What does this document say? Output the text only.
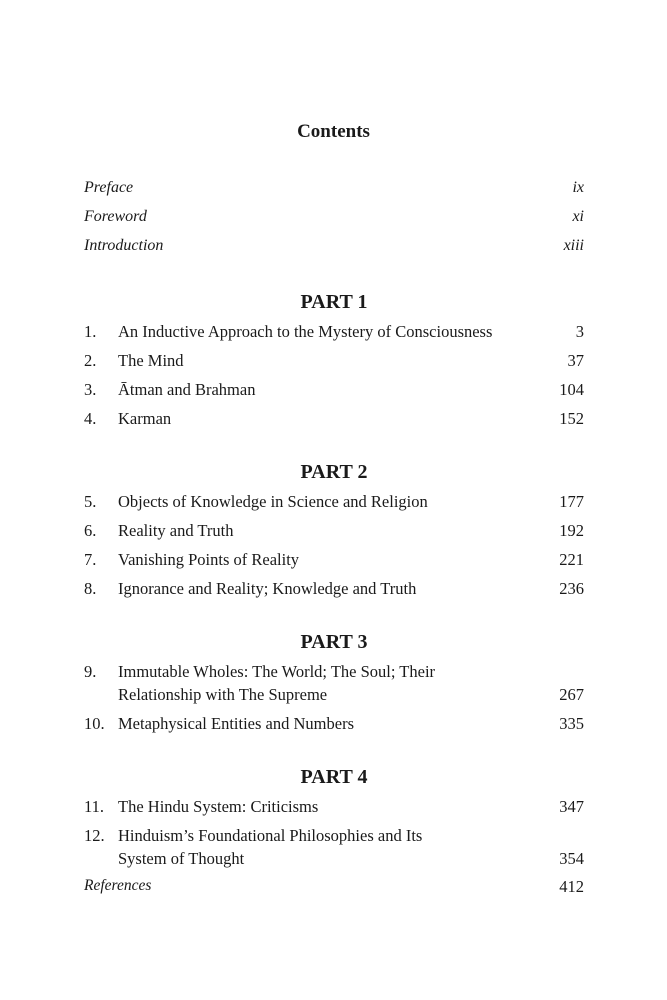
Contents
Preface	ix
Foreword	xi
Introduction	xiii
PART 1
1. An Inductive Approach to the Mystery of Consciousness	3
2. The Mind	37
3. Ātman and Brahman	104
4. Karman	152
PART 2
5. Objects of Knowledge in Science and Religion	177
6. Reality and Truth	192
7. Vanishing Points of Reality	221
8. Ignorance and Reality; Knowledge and Truth	236
PART 3
9. Immutable Wholes: The World; The Soul; Their Relationship with The Supreme	267
10. Metaphysical Entities and Numbers	335
PART 4
11. The Hindu System: Criticisms	347
12. Hinduism’s Foundational Philosophies and Its System of Thought	354
References	412
